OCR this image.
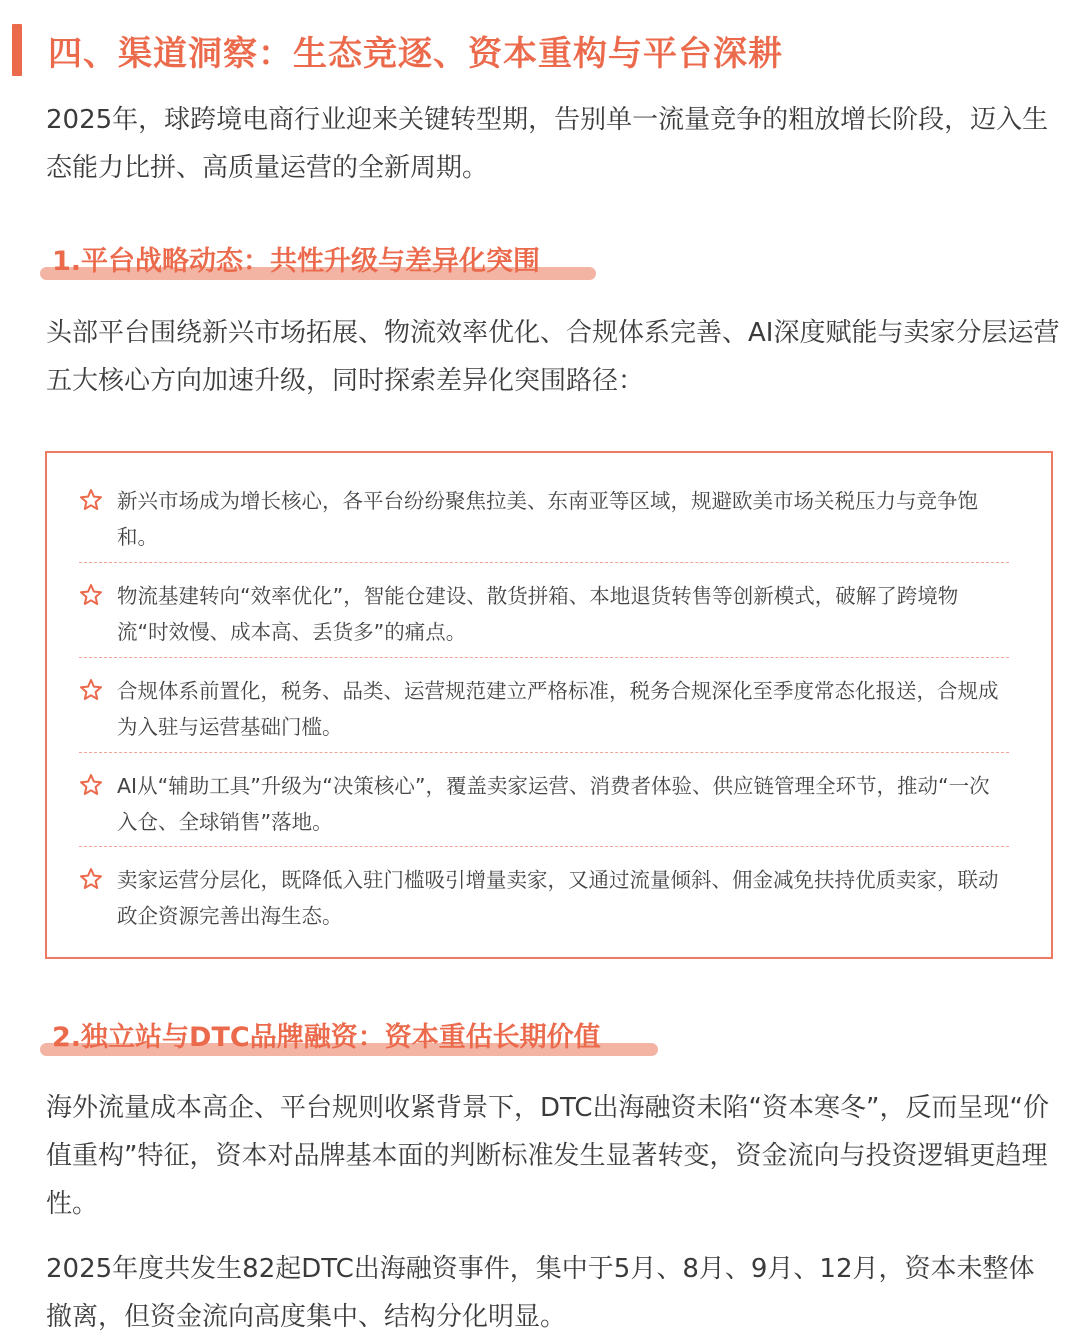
四、渠道洞察：生态竞逐、资本重构与平台深耕

2025年，球跨境电商行业迎来关键转型期，告别单一流量竞争的粗放增长阶段，迈入生态能力比拼、高质量运营的全新周期。

1.平台战略动态：共性升级与差异化突围

头部平台围绕新兴市场拓展、物流效率优化、合规体系完善、AI深度赋能与卖家分层运营五大核心方向加速升级，同时探索差异化突围路径：

新兴市场成为增长核心，各平台纷纷聚焦拉美、东南亚等区域，规避欧美市场关税压力与竞争饱和。
物流基建转向“效率优化”，智能仓建设、散货拼箱、本地退货转售等创新模式，破解了跨境物流“时效慢、成本高、丢货多”的痛点。
合规体系前置化，税务、品类、运营规范建立严格标准，税务合规深化至季度常态化报送，合规成为入驻与运营基础门槛。
AI从“辅助工具”升级为“决策核心”，覆盖卖家运营、消费者体验、供应链管理全环节，推动“一次入仓、全球销售”落地。
卖家运营分层化，既降低入驻门槛吸引增量卖家，又通过流量倾斜、佣金减免扶持优质卖家，联动政企资源完善出海生态。
2.独立站与DTC品牌融资：资本重估长期价值

海外流量成本高企、平台规则收紧背景下，DTC出海融资未陷“资本寒冬”，反而呈现“价值重构”特征，资本对品牌基本面的判断标准发生显著转变，资金流向与投资逻辑更趋理性。

2025年度共发生82起DTC出海融资事件，集中于5月、8月、9月、12月，资本未整体撤离，但资金流向高度集中、结构分化明显。
